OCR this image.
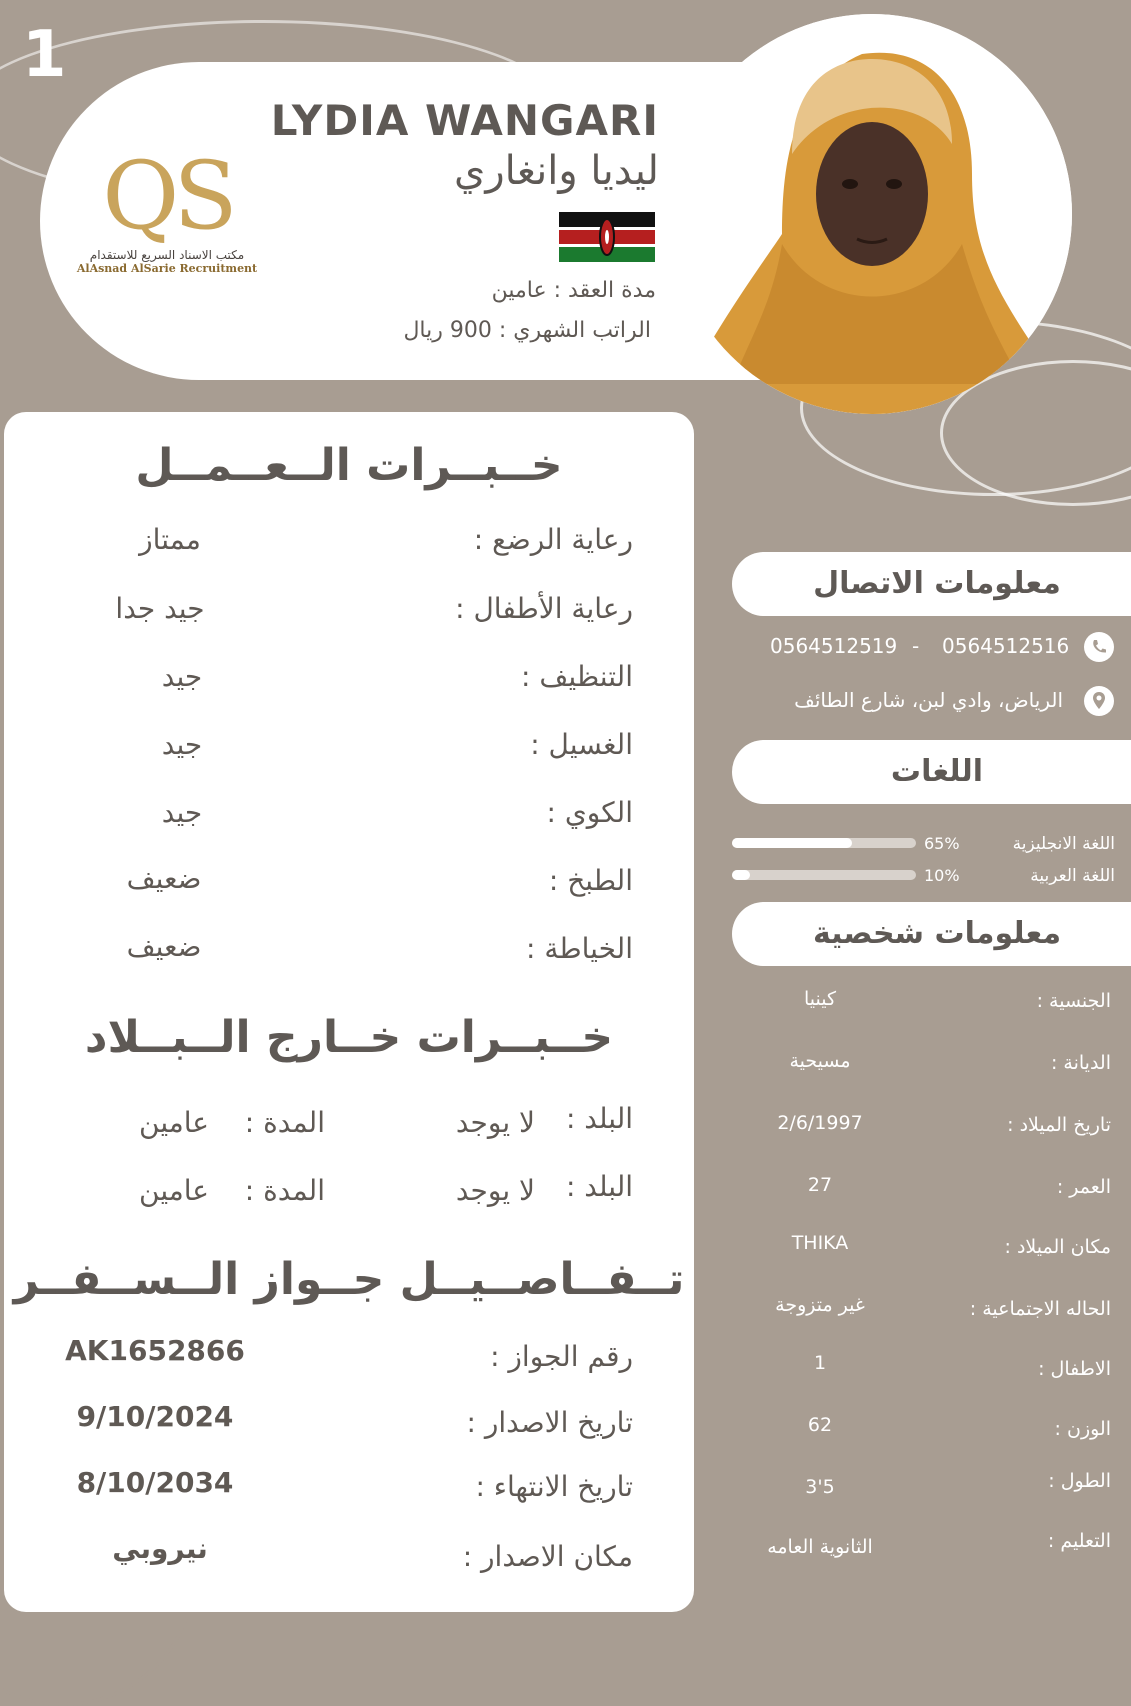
1
QS
مكتب الاسناد السريع للاستقدام
AlAsnad AlSarie Recruitment
LYDIA WANGARI
ليديا وانغاري
مدة العقد : عامين
الراتب الشهري : 900 ريال
خــبــرات الــعــمــل
رعاية الرضع :
ممتاز
رعاية الأطفال :
جيد جدا
التنظيف :
جيد
الغسيل :
جيد
الكوي :
جيد
الطبخ :
ضعيف
الخياطة :
ضعيف
خــبــرات خــارج الــبــلاد
البلد :
لا يوجد
المدة :
عامين
البلد :
لا يوجد
المدة :
عامين
تــفــاصــيــل جــواز الــســفــر
رقم الجواز :
AK1652866
تاريخ الاصدار :
9/10/2024
تاريخ الانتهاء :
8/10/2034
مكان الاصدار :
نيروبي
معلومات الاتصال
0564512516
-
0564512519
الرياض، وادي لبن، شارع الطائف
اللغات
اللغة الانجليزية
65%
اللغة العربية
10%
معلومات شخصية
الجنسية :
كينيا
الديانة :
مسيحية
تاريخ الميلاد :
2/6/1997
العمر :
27
مكان الميلاد :
THIKA
الحاله الاجتماعية :
غير متزوجة
الاطفال :
1
الوزن :
62
الطول :
5'3
التعليم :
الثانوية العامه
